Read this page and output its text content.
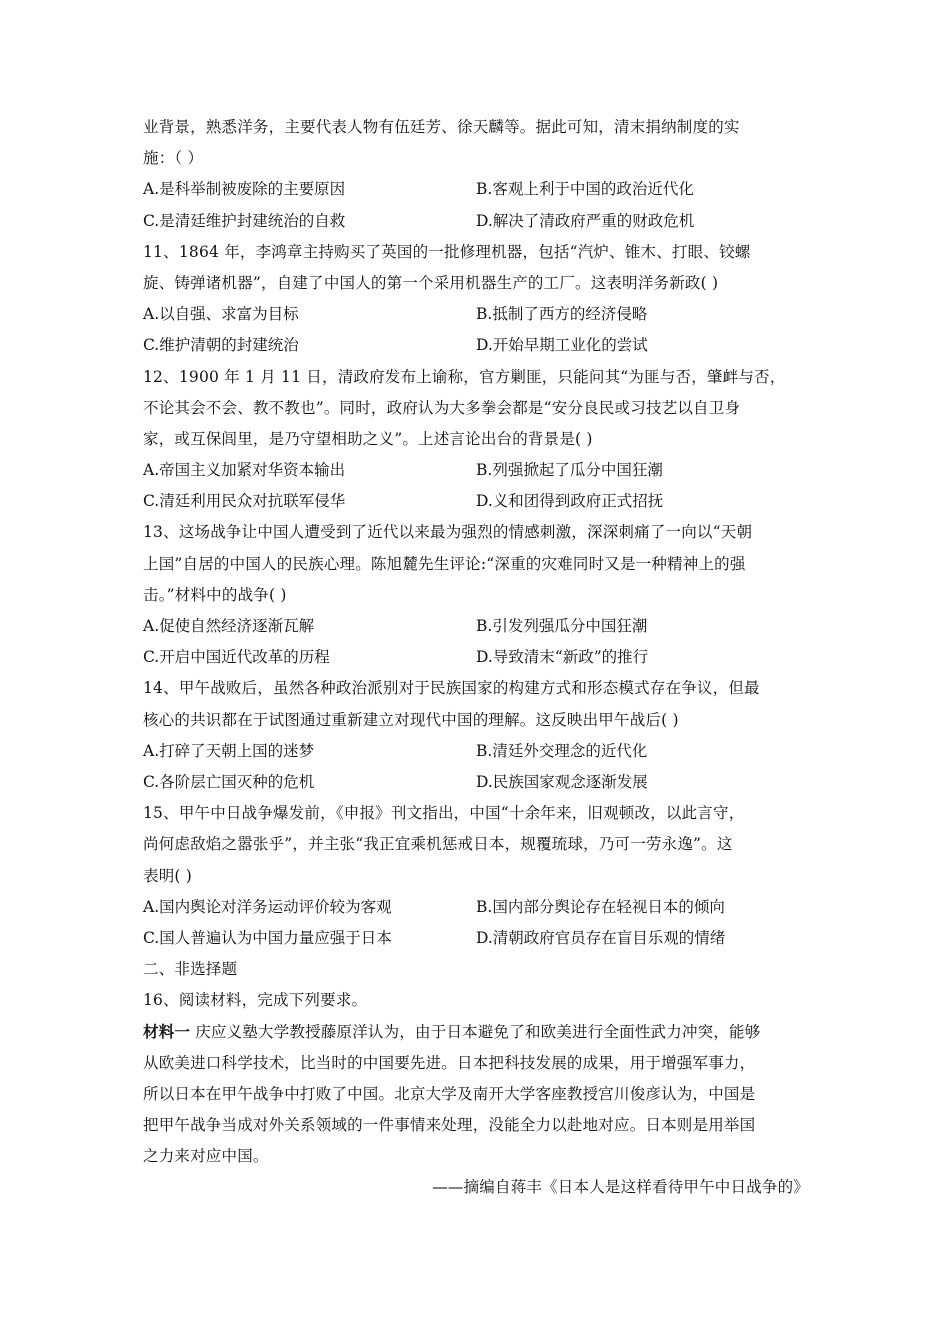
业背景，熟悉洋务，主要代表人物有伍廷芳、徐天麟等。据此可知，清末捐纳制度的实
施：（ ）
A.是科举制被废除的主要原因	B.客观上利于中国的政治近代化
C.是清廷维护封建统治的自救	D.解决了清政府严重的财政危机
11、1864 年，李鸿章主持购买了英国的一批修理机器，包括“汽炉、锥木、打眼、铰螺
旋、铸弹诸机器”，自建了中国人的第一个采用机器生产的工厂。这表明洋务新政( )
A.以自强、求富为目标	B.抵制了西方的经济侵略
C.维护清朝的封建统治	D.开始早期工业化的尝试
12、1900 年 1 月 11 日，清政府发布上谕称，官方剿匪，只能问其“为匪与否，肇衅与否，
不论其会不会、教不教也”。同时，政府认为大多拳会都是“安分良民或习技艺以自卫身
家，或互保闾里，是乃守望相助之义”。上述言论出台的背景是( )
A.帝国主义加紧对华资本输出	B.列强掀起了瓜分中国狂潮
C.清廷利用民众对抗联军侵华	D.义和团得到政府正式招抚
13、这场战争让中国人遭受到了近代以来最为强烈的情感刺激，深深刺痛了一向以“天朝
上国”自居的中国人的民族心理。陈旭麓先生评论:“深重的灾难同时又是一种精神上的强
击。”材料中的战争( )
A.促使自然经济逐渐瓦解	B.引发列强瓜分中国狂潮
C.开启中国近代改革的历程	D.导致清末“新政”的推行
14、甲午战败后，虽然各种政治派别对于民族国家的构建方式和形态模式存在争议，但最
核心的共识都在于试图通过重新建立对现代中国的理解。这反映出甲午战后( )
A.打碎了天朝上国的迷梦	B.清廷外交理念的近代化
C.各阶层亡国灭种的危机	D.民族国家观念逐渐发展
15、甲午中日战争爆发前，《申报》刊文指出，中国“十余年来，旧观顿改，以此言守，
尚何虑敌焰之嚣张乎”，并主张“我正宜乘机惩戒日本，规覆琉球，乃可一劳永逸”。这
表明( )
A.国内舆论对洋务运动评价较为客观	B.国内部分舆论存在轻视日本的倾向
C.国人普遍认为中国力量应强于日本	D.清朝政府官员存在盲目乐观的情绪
二、非选择题
16、阅读材料，完成下列要求。
材料一 庆应义塾大学教授藤原洋认为，由于日本避免了和欧美进行全面性武力冲突，能够
从欧美进口科学技术，比当时的中国要先进。日本把科技发展的成果，用于增强军事力，
所以日本在甲午战争中打败了中国。北京大学及南开大学客座教授宫川俊彦认为，中国是
把甲午战争当成对外关系领域的一件事情来处理，没能全力以赴地对应。日本则是用举国
之力来对应中国。
——摘编自蒋丰《日本人是这样看待甲午中日战争的》
